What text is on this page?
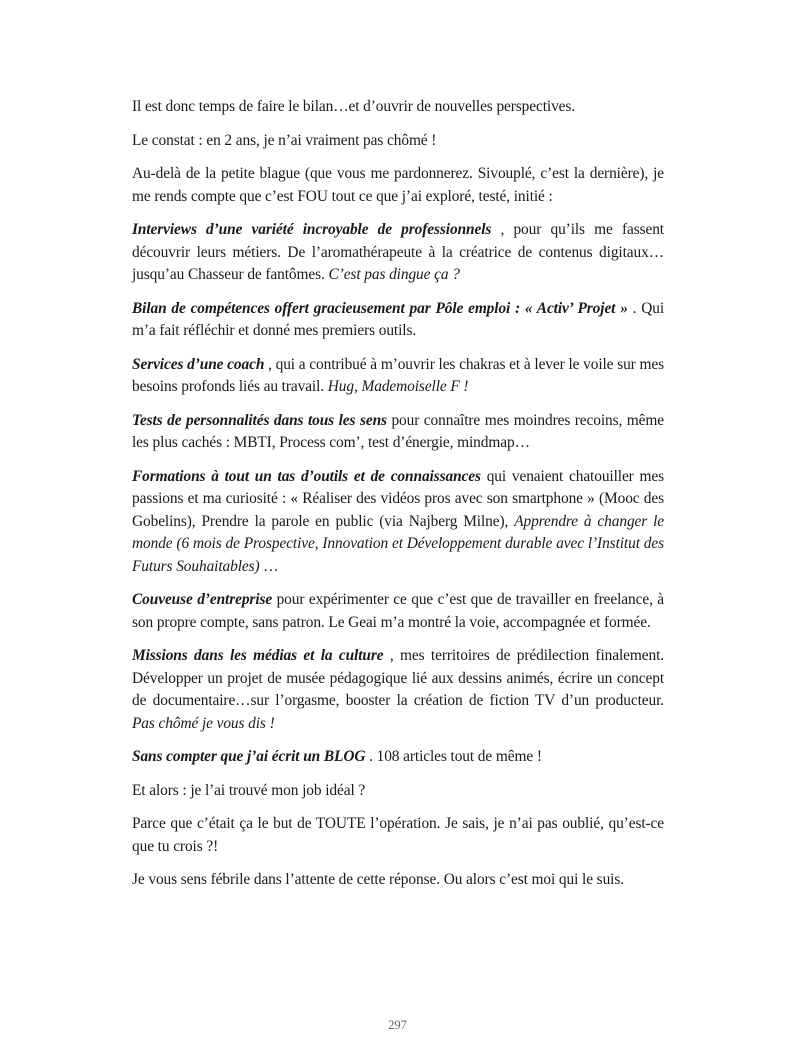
Il est donc temps de faire le bilan…et d’ouvrir de nouvelles perspectives.

Le constat : en 2 ans, je n’ai vraiment pas chômé !

Au-delà de la petite blague (que vous me pardonnerez. Sivouplé, c’est la dernière), je me rends compte que c’est FOU tout ce que j’ai exploré, testé, initié :

Interviews d’une variété incroyable de professionnels , pour qu’ils me fassent découvrir leurs métiers. De l’aromathérapeute à la créatrice de contenus digitaux… jusqu’au Chasseur de fantômes. C’est pas dingue ça ?

Bilan de compétences offert gracieusement par Pôle emploi : « Activ’ Projet » . Qui m’a fait réfléchir et donné mes premiers outils.

Services d’une coach , qui a contribué à m’ouvrir les chakras et à lever le voile sur mes besoins profonds liés au travail. Hug, Mademoiselle F !

Tests de personnalités dans tous les sens pour connaître mes moindres recoins, même les plus cachés : MBTI, Process com’, test d’énergie, mindmap…

Formations à tout un tas d’outils et de connaissances qui venaient chatouiller mes passions et ma curiosité : « Réaliser des vidéos pros avec son smartphone » (Mooc des Gobelins), Prendre la parole en public (via Najberg Milne), Apprendre à changer le monde (6 mois de Prospective, Innovation et Développement durable avec l’Institut des Futurs Souhaitables) …

Couveuse d’entreprise pour expérimenter ce que c’est que de travailler en freelance, à son propre compte, sans patron. Le Geai m’a montré la voie, accompagnée et formée.

Missions dans les médias et la culture , mes territoires de prédilection finalement. Développer un projet de musée pédagogique lié aux dessins animés, écrire un concept de documentaire…sur l’orgasme, booster la création de fiction TV d’un producteur. Pas chômé je vous dis !

Sans compter que j’ai écrit un BLOG . 108 articles tout de même !

Et alors : je l’ai trouvé mon job idéal ?

Parce que c’était ça le but de TOUTE l’opération. Je sais, je n’ai pas oublié, qu’est-ce que tu crois ?!

Je vous sens fébrile dans l’attente de cette réponse. Ou alors c’est moi qui le suis.

297
